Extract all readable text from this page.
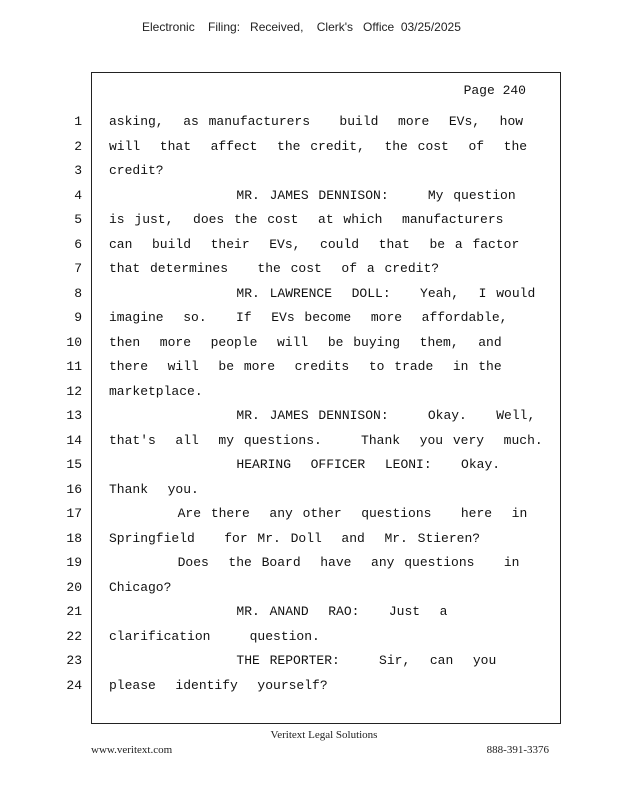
Electronic    Filing:   Received,    Clerk's   Office  03/25/2025
Page 240
1 asking,  as manufacturers   build  more  EVs,  how
2 will  that  affect  the credit,  the cost  of  the
3 credit?
4 MR. JAMES DENNISON:    My question
5 is just,  does the cost  at which  manufacturers
6 can  build  their  EVs,  could  that  be a factor
7 that determines   the cost  of a credit?
8 MR. LAWRENCE  DOLL:   Yeah,  I would
9 imagine  so.   If  EVs become  more  affordable,
10 then  more  people  will  be buying  them,  and
11 there  will  be more  credits  to trade  in the
12 marketplace.
13 MR. JAMES DENNISON:    Okay.   Well,
14 that's  all  my questions.    Thank  you very  much.
15 HEARING  OFFICER  LEONI:   Okay.
16 Thank  you.
17 Are there  any other  questions   here  in
18 Springfield   for Mr. Doll  and  Mr. Stieren?
19 Does  the Board  have  any questions   in
20 Chicago?
21 MR. ANAND  RAO:   Just  a
22 clarification    question.
23 THE REPORTER:    Sir,  can  you
24 please  identify  yourself?
Veritext Legal Solutions
www.veritext.com	888-391-3376
